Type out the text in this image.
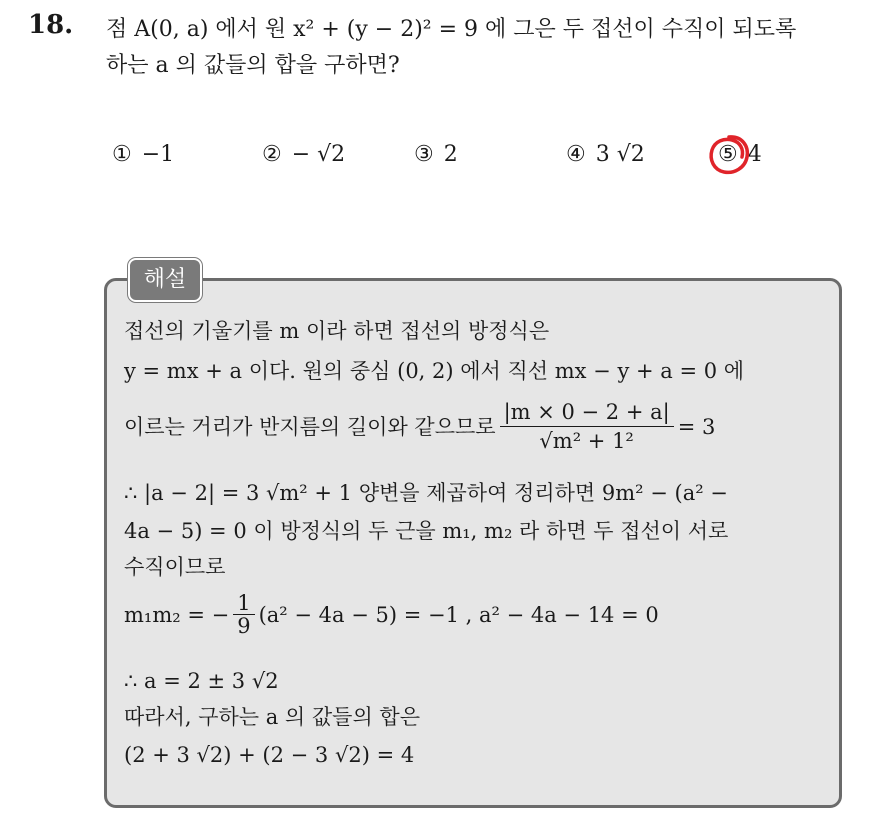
18. 점 A(0, a) 에서 원 x² + (y − 2)² = 9 에 그은 두 접선이 수직이 되도록
하는 a 의 값들의 합을 구하면?
① −1	② − √2	③ 2	④ 3 √2	⑤ 4
해설
접선의 기울기를 m 이라 하면 접선의 방정식은
y = mx + a 이다. 원의 중심 (0, 2) 에서 직선 mx − y + a = 0 에
이르는 거리가 반지름의 길이와 같으므로 $\frac{|m \times 0 - 2 + a|}{\text{√m² + 1²}} = 3$
∴ |a − 2| = 3 √m² + 1 양변을 제곱하여 정리하면 9m² − (a² −
4a − 5) = 0 이 방정식의 두 근을 m₁, m₂ 라 하면 두 접선이 서로
수직이므로
m₁m₂ = − $\frac{1}{9} (a^2 - 4a - 5) = -1$ , a² − 4a − 14 = 0
∴ a = 2 ± 3 √2
따라서, 구하는 a 의 값들의 합은
(2 + 3 √2) + (2 − 3 √2) = 4
